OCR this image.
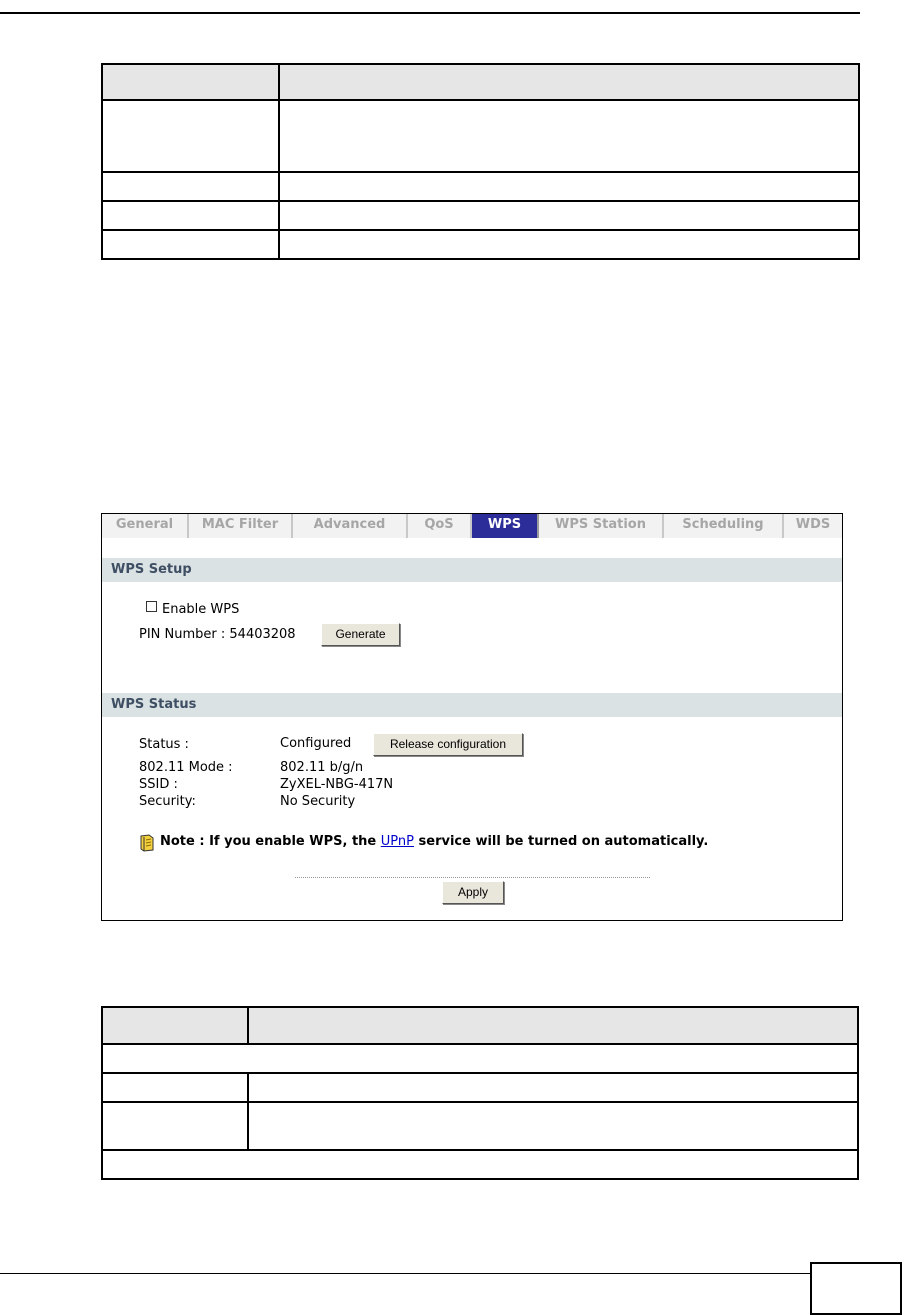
General	MAC Filter	Advanced	QoS	WPS	WPS Station	Scheduling	WDS
WPS Setup
Enable WPS
PIN Number : 54403208	Generate
WPS Status
Status :	Configured	Release configuration
802.11 Mode :	802.11 b/g/n
SSID :	ZyXEL-NBG-417N
Security:	No Security
Note : If you enable WPS, the UPnP service will be turned on automatically.
Apply
